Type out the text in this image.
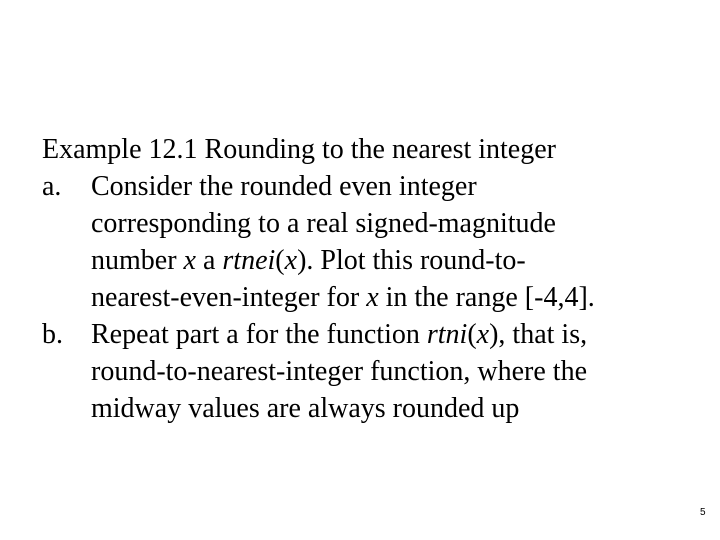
Example 12.1 Rounding to the nearest integer
a. Consider the rounded even integer
corresponding to a real signed-magnitude
number x a rtnei(x). Plot this round-to-
nearest-even-integer for x in the range [-4,4].
b. Repeat part a for the function rtni(x), that is,
round-to-nearest-integer function, where the
midway values are always rounded up
5
